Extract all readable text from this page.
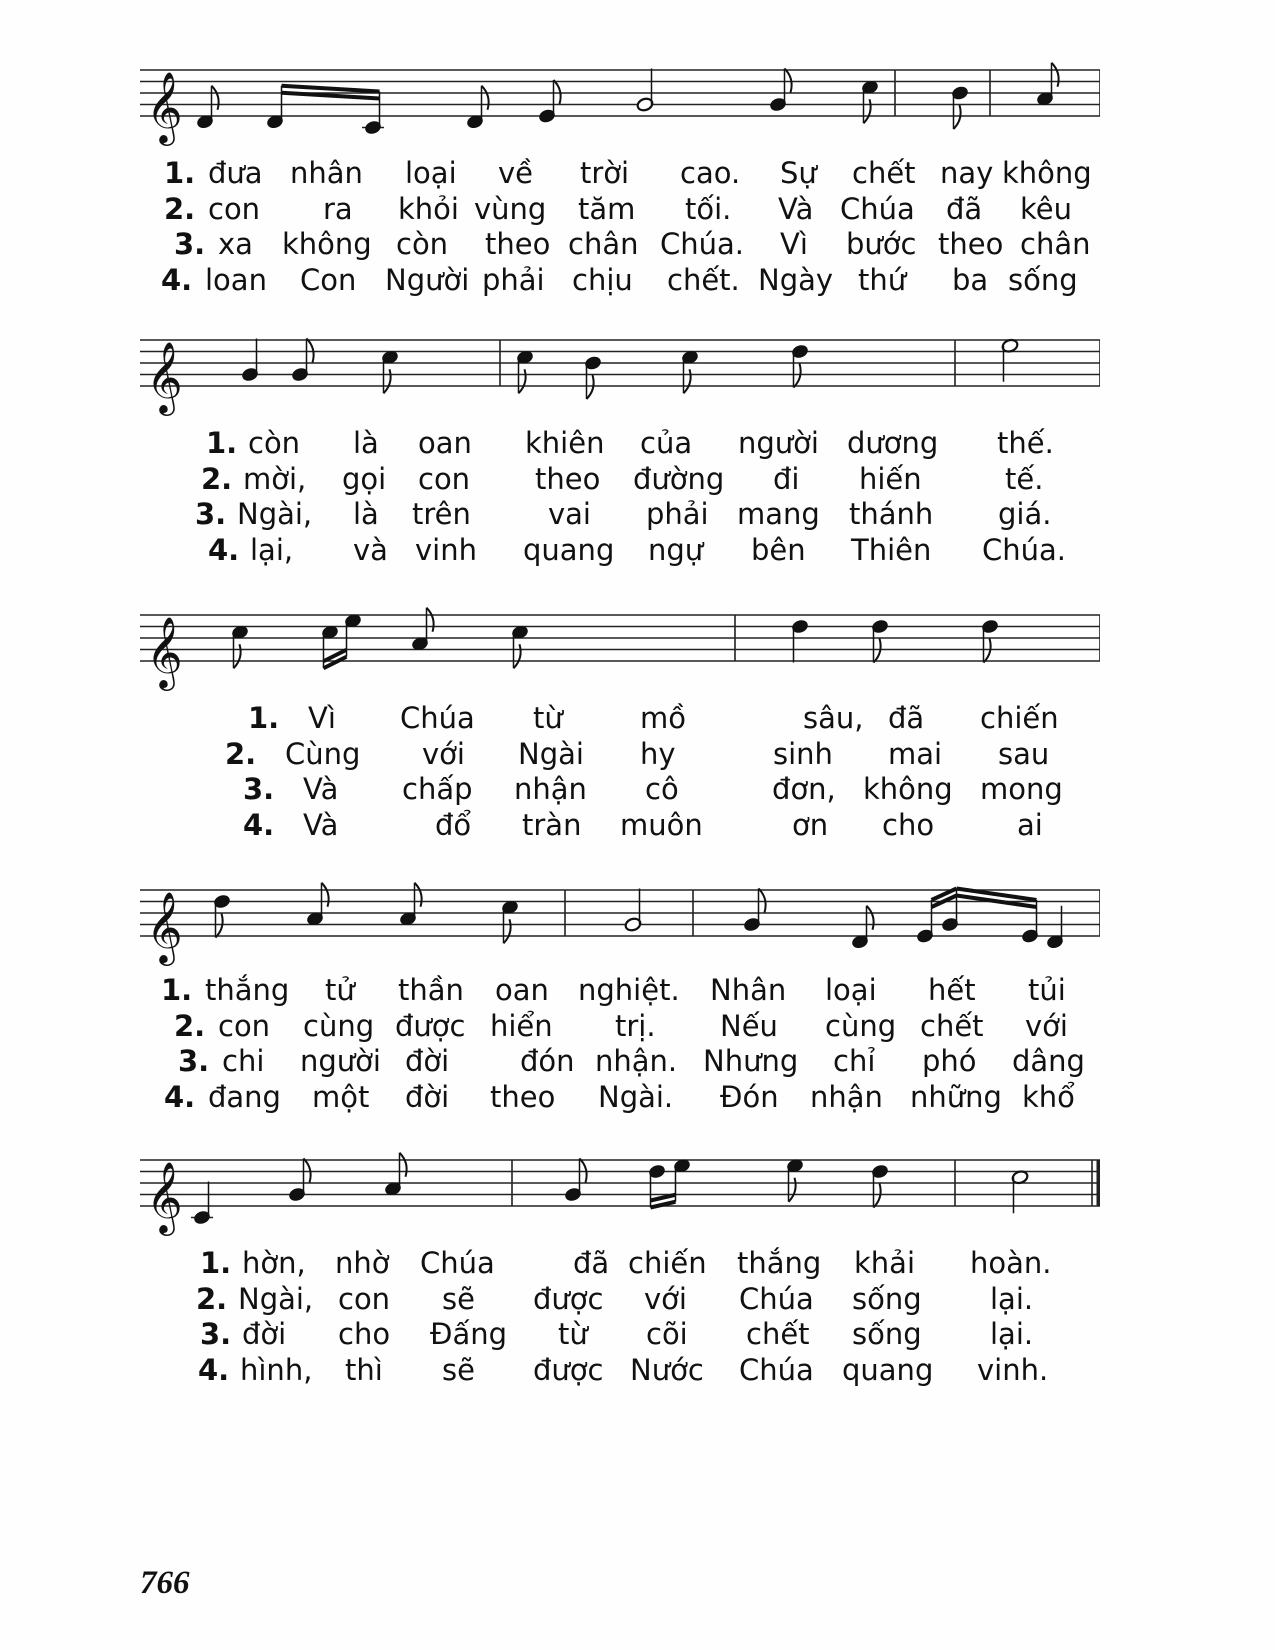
𝄞
1. đưa nhân loại về trời cao. Sự chết nay không
2. con ra khỏi vùng tăm tối. Và Chúa đã kêu
3. xa không còn theo chân Chúa. Vì bước theo chân
4. loan Con Người phải chịu chết. Ngày thứ ba sống
𝄞
1. còn là oan khiên của người dương thế.
2. mời, gọi con theo đường đi hiến	tế.
3. Ngài, là trên	vai phải mang thánh giá.
4. lại, và vinh quang ngự bên Thiên Chúa.
𝄞
1. Vì Chúa từ	mồ	sâu, đã chiến
2. Cùng với Ngài hy	sinh mai sau
3. Và chấp nhận cô	đơn, không mong
4. Và	đổ tràn muôn	ơn cho	ai
𝄞
1. thắng tử thần oan nghiệt. Nhân loại hết tủi
2. con cùng được hiển trị. Nếu cùng chết với
3. chi người đời đón nhận. Nhưng chỉ phó dâng
4. đang một đời theo Ngài. Đón nhận những khổ
𝄞
1. hờn, nhờ Chúa	đã chiến thắng khải hoàn.
2. Ngài, con sẽ được với Chúa sống lại.
3. đời cho Đấng từ cõi chết sống lại.
4. hình, thì sẽ được Nước Chúa quang vinh.
766
